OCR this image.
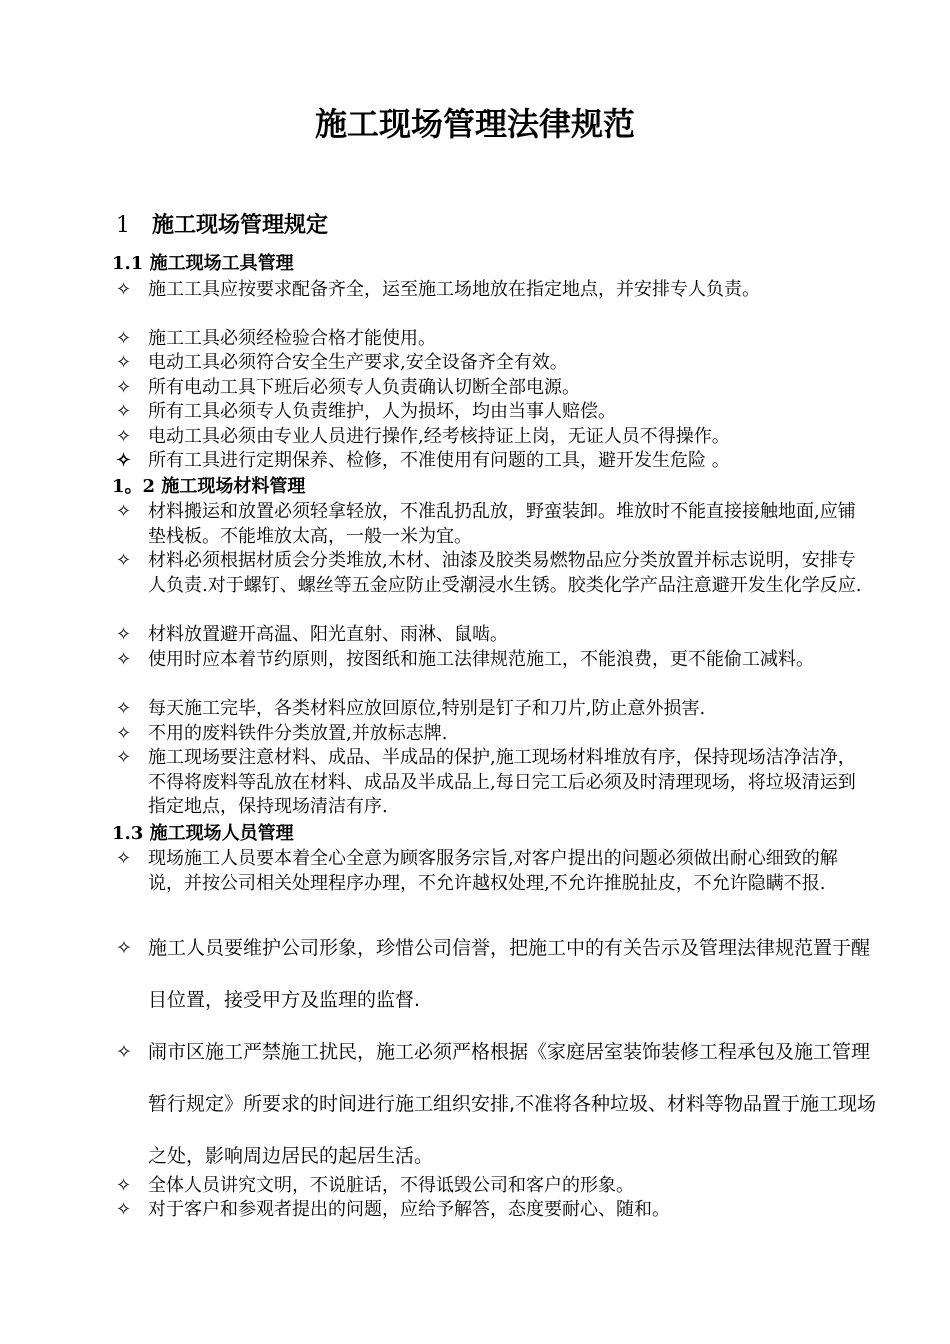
施工现场管理法律规范
1 施工现场管理规定
1.1 施工现场工具管理
✧ 施工工具应按要求配备齐全，运至施工场地放在指定地点，并安排专人负责。
✧ 施工工具必须经检验合格才能使用。
✧ 电动工具必须符合安全生产要求,安全设备齐全有效。
✧ 所有电动工具下班后必须专人负责确认切断全部电源。
✧ 所有工具必须专人负责维护，人为损坏，均由当事人赔偿。
✧ 电动工具必须由专业人员进行操作,经考核持证上岗，无证人员不得操作。
✧ 所有工具进行定期保养、检修，不准使用有问题的工具，避开发生危险 。
1。2 施工现场材料管理
✧ 材料搬运和放置必须轻拿轻放，不准乱扔乱放，野蛮装卸。堆放时不能直接接触地面,应铺垫栈板。不能堆放太高，一般一米为宜。
✧ 材料必须根据材质会分类堆放,木材、油漆及胶类易燃物品应分类放置并标志说明，安排专人负责.对于螺钉、螺丝等五金应防止受潮浸水生锈。胶类化学产品注意避开发生化学反应.
✧ 材料放置避开高温、阳光直射、雨淋、鼠啮。
✧ 使用时应本着节约原则，按图纸和施工法律规范施工，不能浪费，更不能偷工减料。
✧ 每天施工完毕，各类材料应放回原位,特别是钉子和刀片,防止意外损害.
✧ 不用的废料铁件分类放置,并放标志牌.
✧ 施工现场要注意材料、成品、半成品的保护,施工现场材料堆放有序，保持现场洁净洁净，不得将废料等乱放在材料、成品及半成品上,每日完工后必须及时清理现场，将垃圾清运到指定地点，保持现场清洁有序.
1.3 施工现场人员管理
✧ 现场施工人员要本着全心全意为顾客服务宗旨,对客户提出的问题必须做出耐心细致的解说，并按公司相关处理程序办理，不允许越权处理,不允许推脱扯皮，不允许隐瞒不报.
✧ 施工人员要维护公司形象，珍惜公司信誉，把施工中的有关告示及管理法律规范置于醒目位置，接受甲方及监理的监督.
✧ 闹市区施工严禁施工扰民，施工必须严格根据《家庭居室装饰装修工程承包及施工管理暂行规定》所要求的时间进行施工组织安排,不准将各种垃圾、材料等物品置于施工现场之处，影响周边居民的起居生活。
✧ 全体人员讲究文明，不说脏话，不得诋毁公司和客户的形象。
✧ 对于客户和参观者提出的问题，应给予解答，态度要耐心、随和。
